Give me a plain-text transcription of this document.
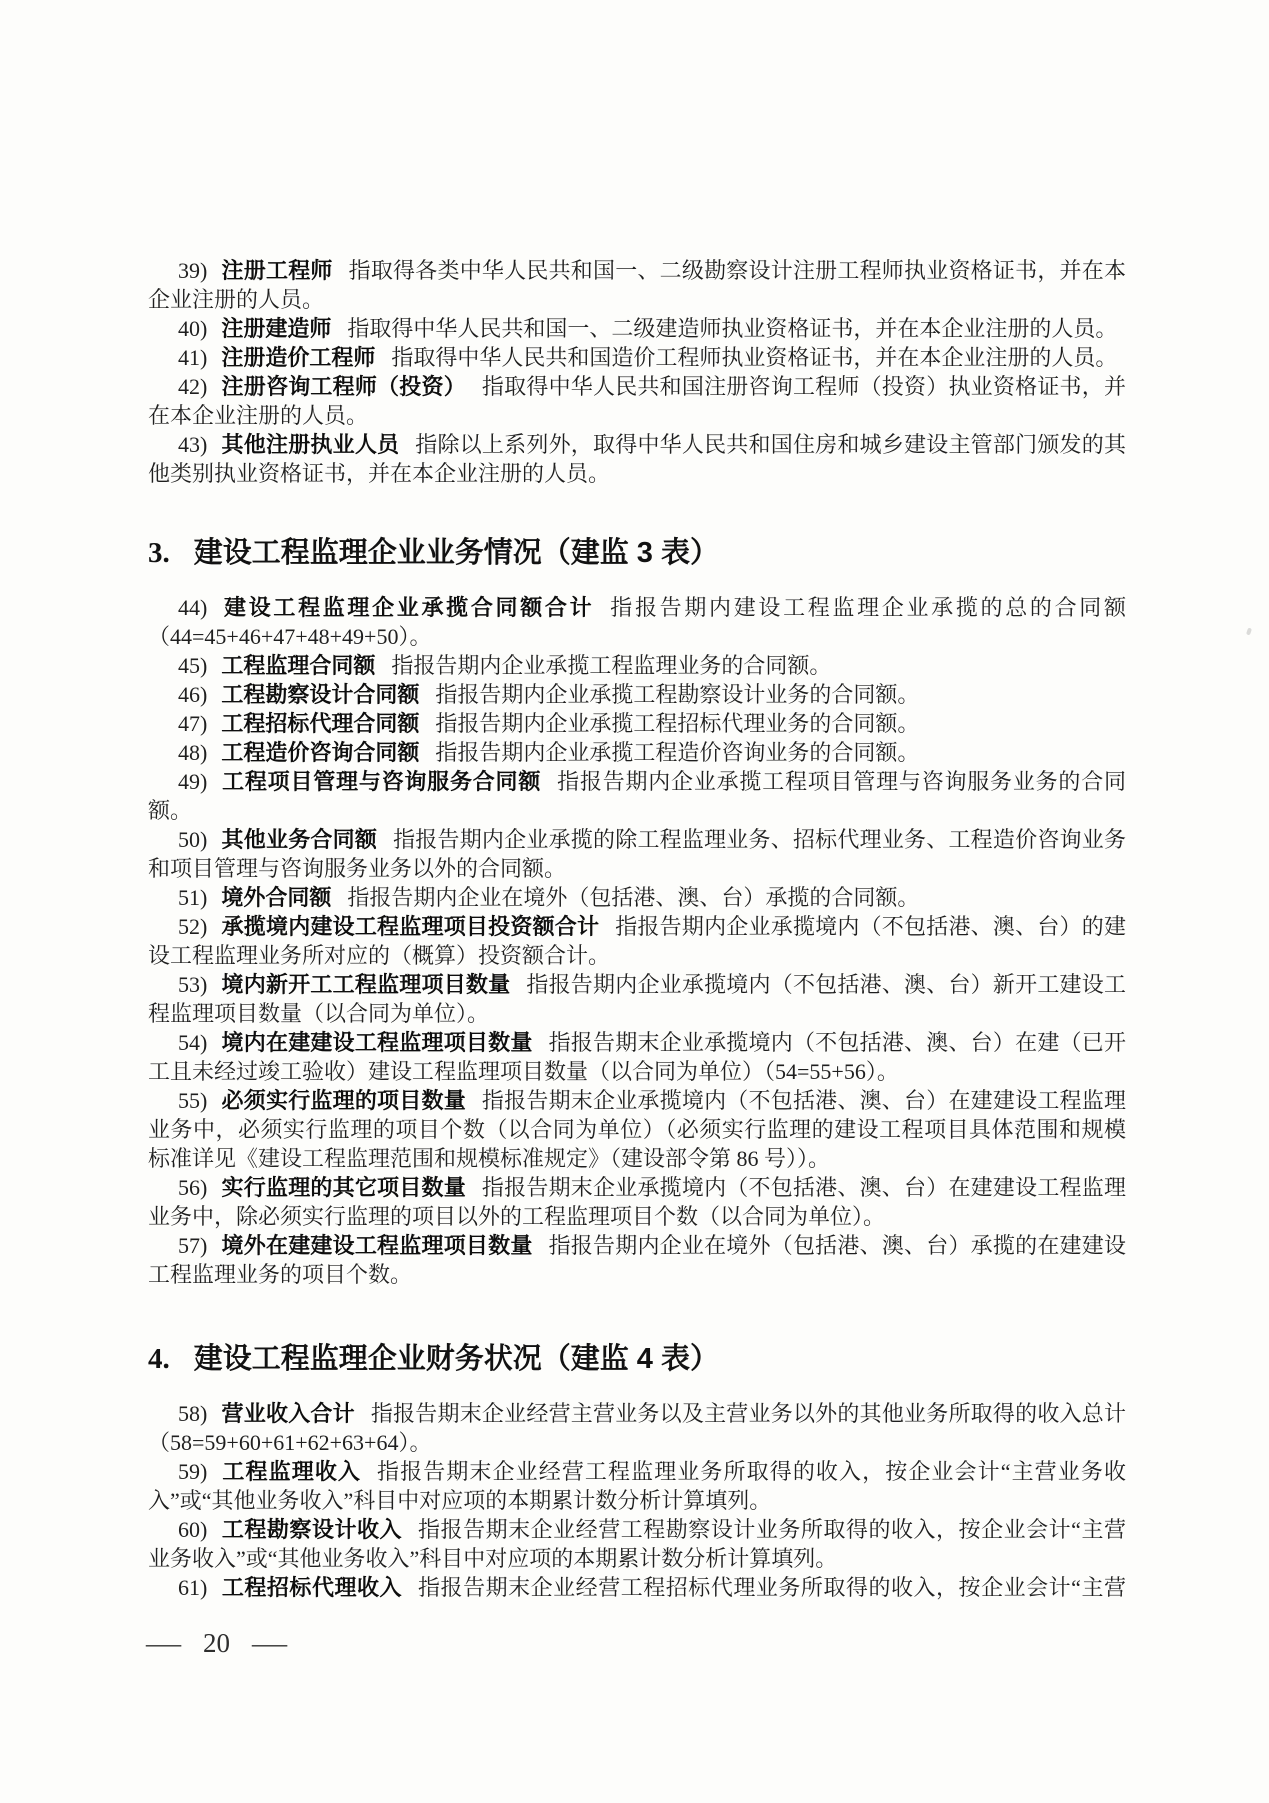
39) 注册工程师 指取得各类中华人民共和国一、二级勘察设计注册工程师执业资格证书，并在本企业注册的人员。

40) 注册建造师 指取得中华人民共和国一、二级建造师执业资格证书，并在本企业注册的人员。

41) 注册造价工程师 指取得中华人民共和国造价工程师执业资格证书，并在本企业注册的人员。

42) 注册咨询工程师（投资） 指取得中华人民共和国注册咨询工程师（投资）执业资格证书，并在本企业注册的人员。

43) 其他注册执业人员 指除以上系列外，取得中华人民共和国住房和城乡建设主管部门颁发的其他类别执业资格证书，并在本企业注册的人员。

3. 建设工程监理企业业务情况（建监 3 表）

44) 建设工程监理企业承揽合同额合计 指报告期内建设工程监理企业承揽的总的合同额（44=45+46+47+48+49+50）。

45) 工程监理合同额 指报告期内企业承揽工程监理业务的合同额。

46) 工程勘察设计合同额 指报告期内企业承揽工程勘察设计业务的合同额。

47) 工程招标代理合同额 指报告期内企业承揽工程招标代理业务的合同额。

48) 工程造价咨询合同额 指报告期内企业承揽工程造价咨询业务的合同额。

49) 工程项目管理与咨询服务合同额 指报告期内企业承揽工程项目管理与咨询服务业务的合同额。

50) 其他业务合同额 指报告期内企业承揽的除工程监理业务、招标代理业务、工程造价咨询业务和项目管理与咨询服务业务以外的合同额。

51) 境外合同额 指报告期内企业在境外（包括港、澳、台）承揽的合同额。

52) 承揽境内建设工程监理项目投资额合计 指报告期内企业承揽境内（不包括港、澳、台）的建设工程监理业务所对应的（概算）投资额合计。

53) 境内新开工工程监理项目数量 指报告期内企业承揽境内（不包括港、澳、台）新开工建设工程监理项目数量（以合同为单位）。

54) 境内在建建设工程监理项目数量 指报告期末企业承揽境内（不包括港、澳、台）在建（已开工且未经过竣工验收）建设工程监理项目数量（以合同为单位）（54=55+56）。

55) 必须实行监理的项目数量 指报告期末企业承揽境内（不包括港、澳、台）在建建设工程监理业务中，必须实行监理的项目个数（以合同为单位）（必须实行监理的建设工程项目具体范围和规模标准详见《建设工程监理范围和规模标准规定》（建设部令第 86 号））。

56) 实行监理的其它项目数量 指报告期末企业承揽境内（不包括港、澳、台）在建建设工程监理业务中，除必须实行监理的项目以外的工程监理项目个数（以合同为单位）。

57) 境外在建建设工程监理项目数量 指报告期内企业在境外（包括港、澳、台）承揽的在建建设工程监理业务的项目个数。

4. 建设工程监理企业财务状况（建监 4 表）

58) 营业收入合计 指报告期末企业经营主营业务以及主营业务以外的其他业务所取得的收入总计（58=59+60+61+62+63+64）。

59) 工程监理收入 指报告期末企业经营工程监理业务所取得的收入，按企业会计“主营业务收入”或“其他业务收入”科目中对应项的本期累计数分析计算填列。

60) 工程勘察设计收入 指报告期末企业经营工程勘察设计业务所取得的收入，按企业会计“主营业务收入”或“其他业务收入”科目中对应项的本期累计数分析计算填列。

61) 工程招标代理收入 指报告期末企业经营工程招标代理业务所取得的收入，按企业会计“主营

— 20 —
